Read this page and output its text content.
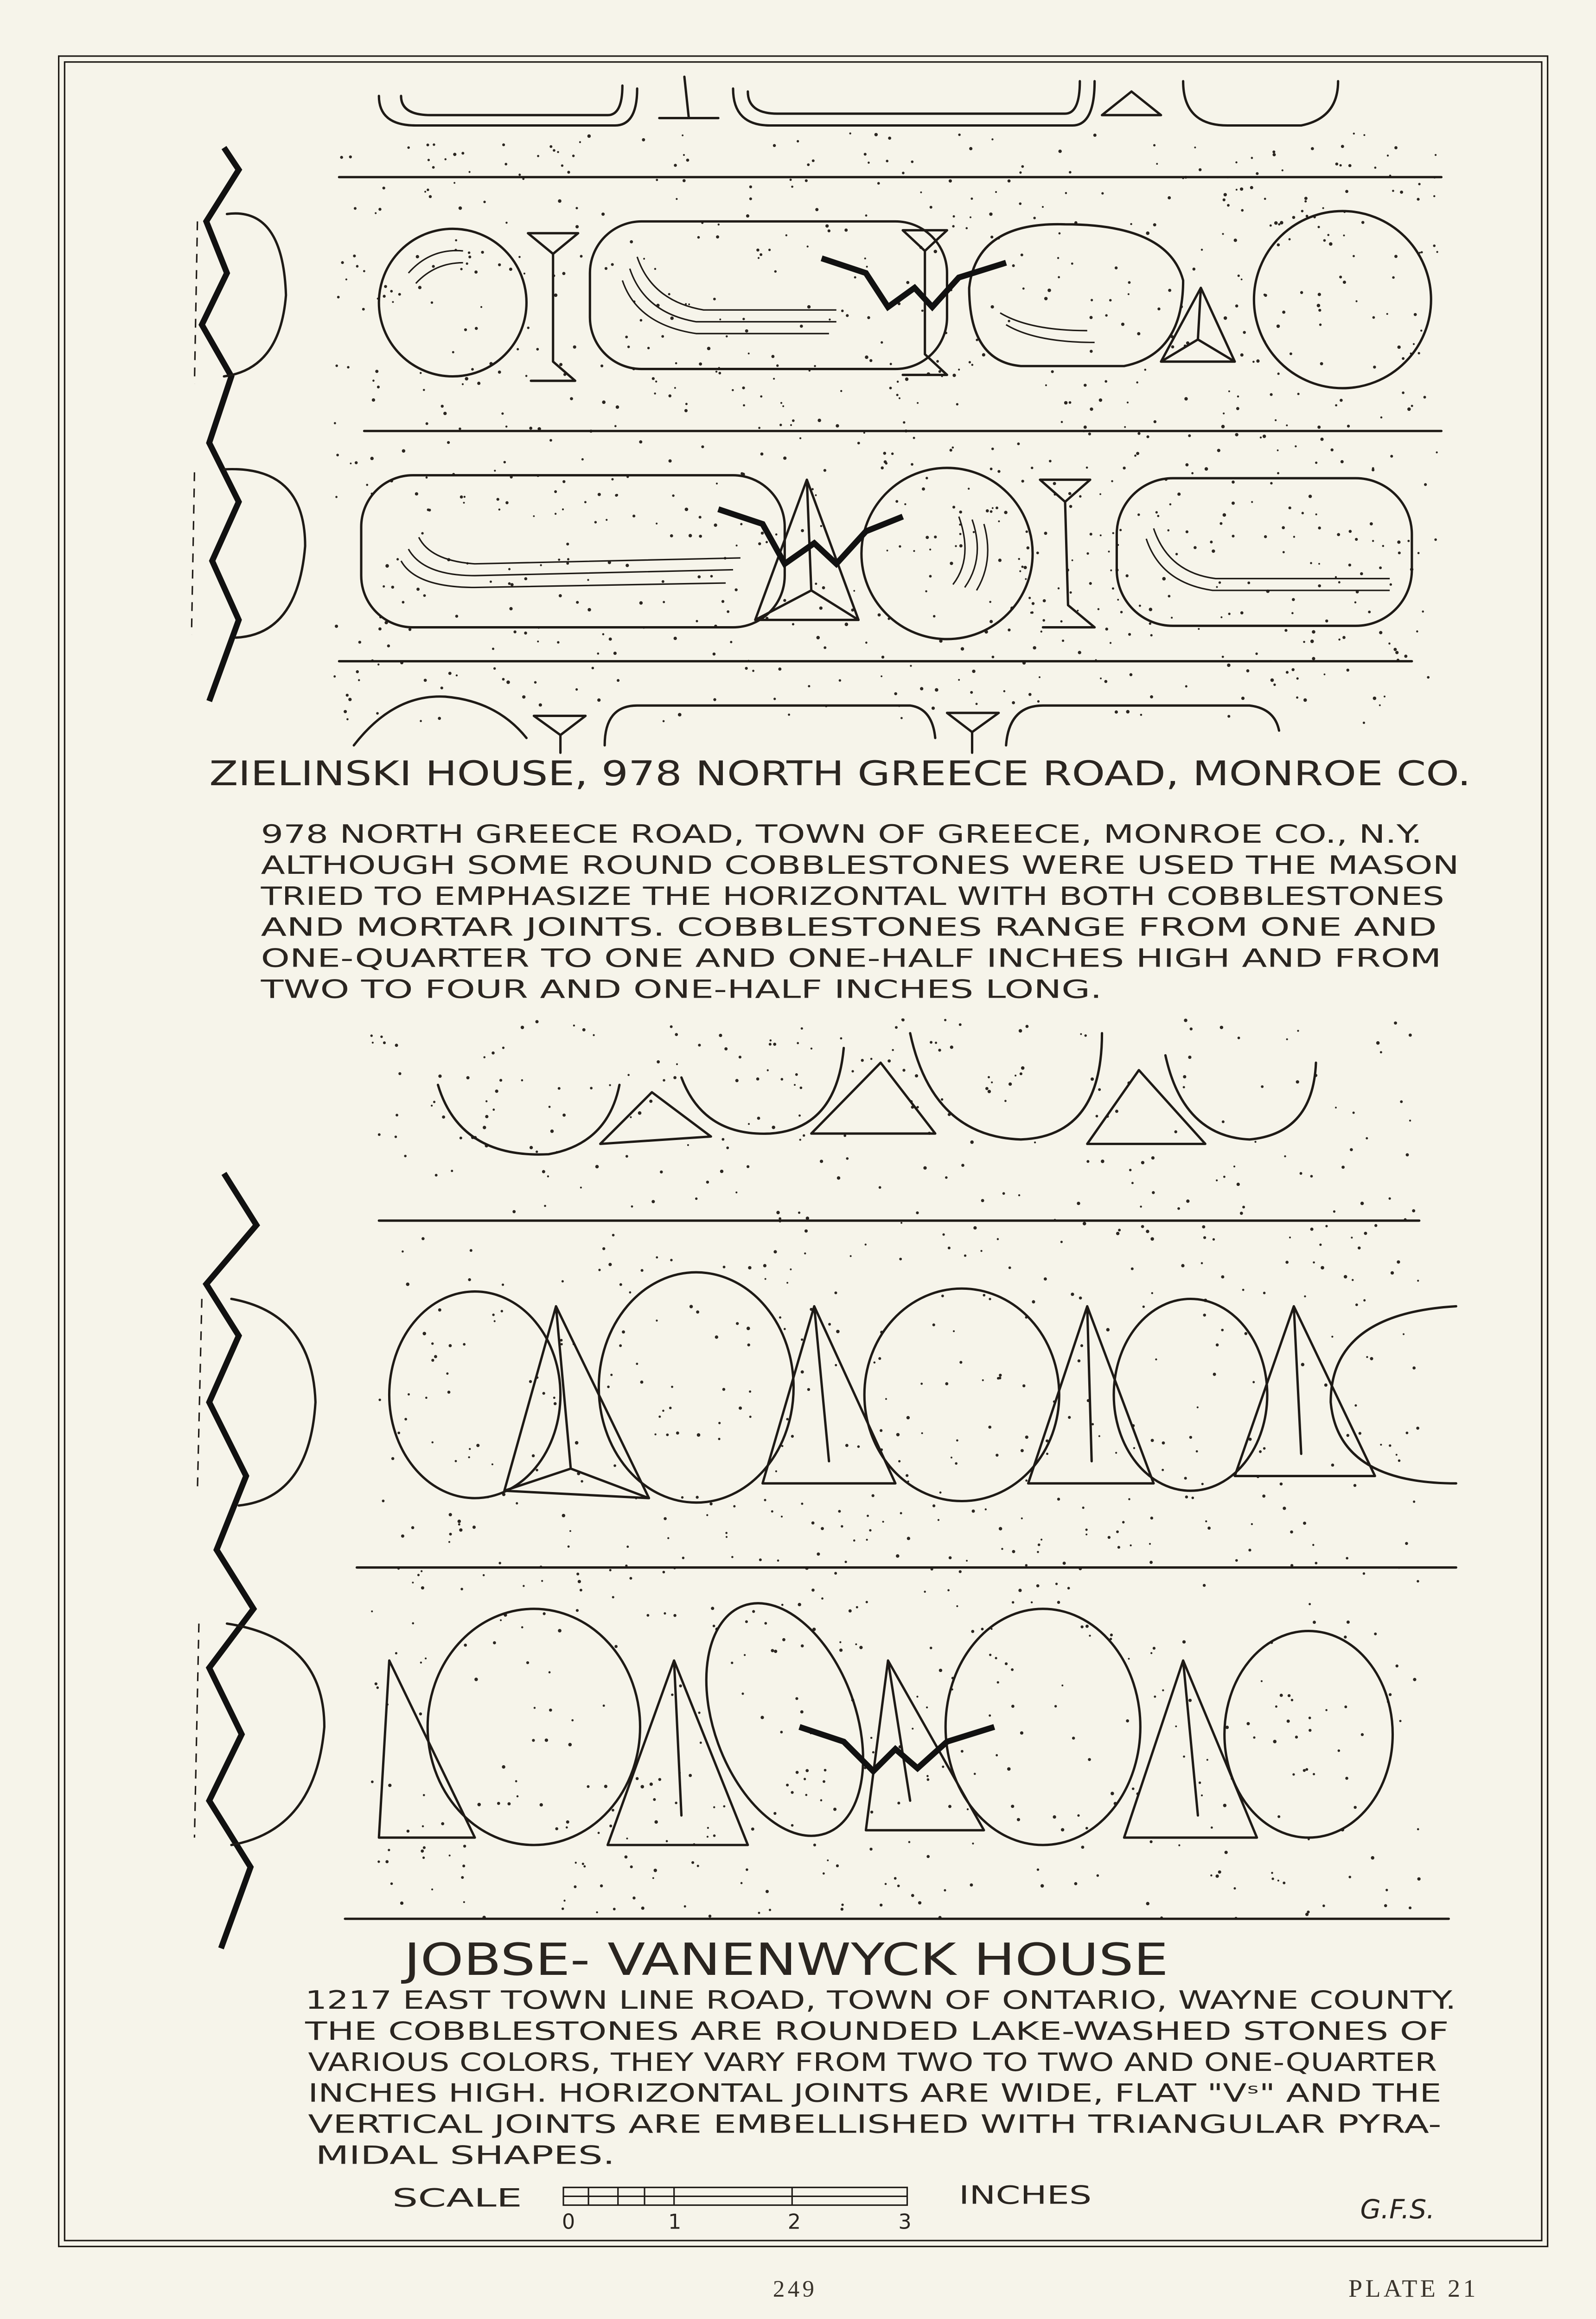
ZIELINSKI HOUSE, 978 NORTH GREECE ROAD, MONROE CO.
978 NORTH GREECE ROAD, TOWN OF GREECE, MONROE CO., N.Y.
ALTHOUGH SOME ROUND COBBLESTONES WERE USED THE MASON
TRIED TO EMPHASIZE THE HORIZONTAL WITH BOTH COBBLESTONES
AND MORTAR JOINTS. COBBLESTONES RANGE FROM ONE AND
ONE-QUARTER TO ONE AND ONE-HALF INCHES HIGH AND FROM
TWO TO FOUR AND ONE-HALF INCHES LONG.
JOBSE- VANENWYCK HOUSE
1217 EAST TOWN LINE ROAD, TOWN OF ONTARIO, WAYNE COUNTY.
THE COBBLESTONES ARE ROUNDED LAKE-WASHED STONES OF
VARIOUS COLORS, THEY VARY FROM TWO TO TWO AND ONE-QUARTER
INCHES HIGH. HORIZONTAL JOINTS ARE WIDE, FLAT "Vˢ" AND THE
VERTICAL JOINTS ARE EMBELLISHED WITH TRIANGULAR PYRA-
MIDAL SHAPES.
SCALE
0	1	2	3
INCHES	G.F.S.
249	PLATE 21
